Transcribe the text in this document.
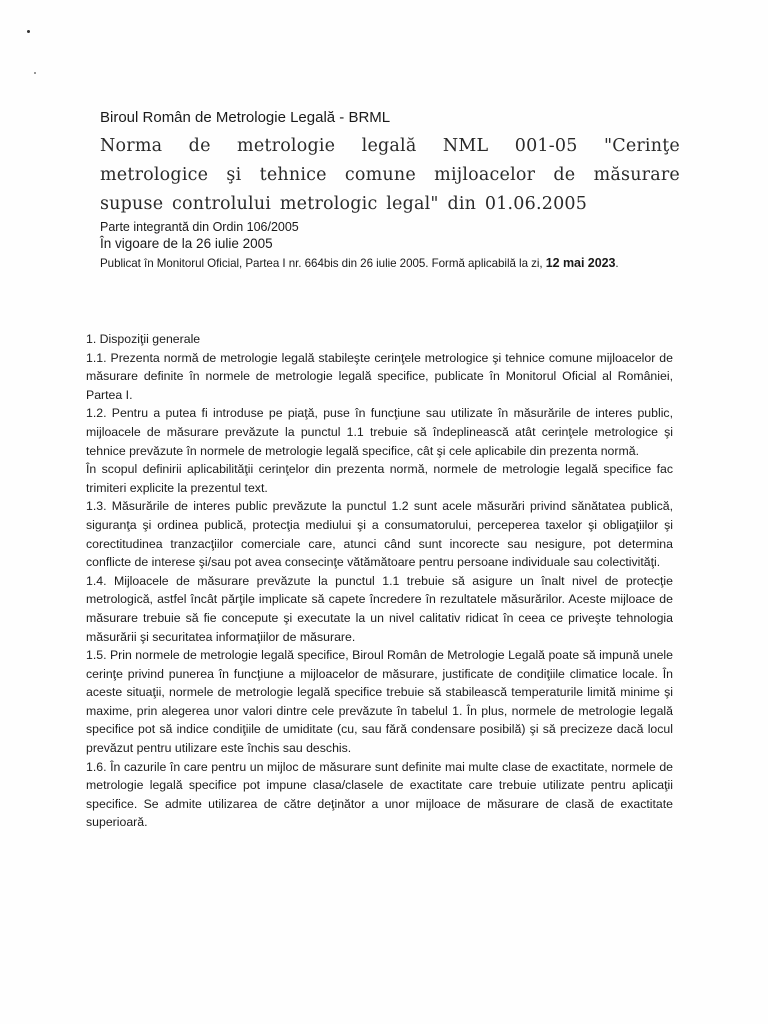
Biroul Român de Metrologie Legală - BRML

Norma de metrologie legală NML 001-05 "Cerinţe metrologice şi tehnice comune mijloacelor de măsurare supuse controlului metrologic legal" din 01.06.2005

Parte integrantă din Ordin 106/2005

În vigoare de la 26 iulie 2005

Publicat în Monitorul Oficial, Partea I nr. 664bis din 26 iulie 2005. Formă aplicabilă la zi, 12 mai 2023.

1. Dispoziţii generale

1.1. Prezenta normă de metrologie legală stabileşte cerinţele metrologice şi tehnice comune mijloacelor de măsurare definite în normele de metrologie legală specifice, publicate în Monitorul Oficial al României, Partea I.

1.2. Pentru a putea fi introduse pe piaţă, puse în funcţiune sau utilizate în măsurările de interes public, mijloacele de măsurare prevăzute la punctul 1.1 trebuie să îndeplinească atât cerinţele metrologice şi tehnice prevăzute în normele de metrologie legală specifice, cât şi cele aplicabile din prezenta normă.

În scopul definirii aplicabilităţii cerinţelor din prezenta normă, normele de metrologie legală specifice fac trimiteri explicite la prezentul text.

1.3. Măsurările de interes public prevăzute la punctul 1.2 sunt acele măsurări privind sănătatea publică, siguranţa şi ordinea publică, protecţia mediului şi a consumatorului, perceperea taxelor şi obligaţiilor şi corectitudinea tranzacţiilor comerciale care, atunci când sunt incorecte sau nesigure, pot determina conflicte de interese şi/sau pot avea consecinţe vătămătoare pentru persoane individuale sau colectivităţi.

1.4. Mijloacele de măsurare prevăzute la punctul 1.1 trebuie să asigure un înalt nivel de protecţie metrologică, astfel încât părţile implicate să capete încredere în rezultatele măsurărilor. Aceste mijloace de măsurare trebuie să fie concepute şi executate la un nivel calitativ ridicat în ceea ce priveşte tehnologia măsurării şi securitatea informaţiilor de măsurare.

1.5. Prin normele de metrologie legală specifice, Biroul Român de Metrologie Legală poate să impună unele cerinţe privind punerea în funcţiune a mijloacelor de măsurare, justificate de condiţiile climatice locale. În aceste situaţii, normele de metrologie legală specifice trebuie să stabilească temperaturile limită minime şi maxime, prin alegerea unor valori dintre cele prevăzute în tabelul 1. În plus, normele de metrologie legală specifice pot să indice condiţiile de umiditate (cu, sau fără condensare posibilă) şi să precizeze dacă locul prevăzut pentru utilizare este închis sau deschis.

1.6. În cazurile în care pentru un mijloc de măsurare sunt definite mai multe clase de exactitate, normele de metrologie legală specifice pot impune clasa/clasele de exactitate care trebuie utilizate pentru aplicaţii specifice. Se admite utilizarea de către deţinător a unor mijloace de măsurare de clasă de exactitate superioară.
